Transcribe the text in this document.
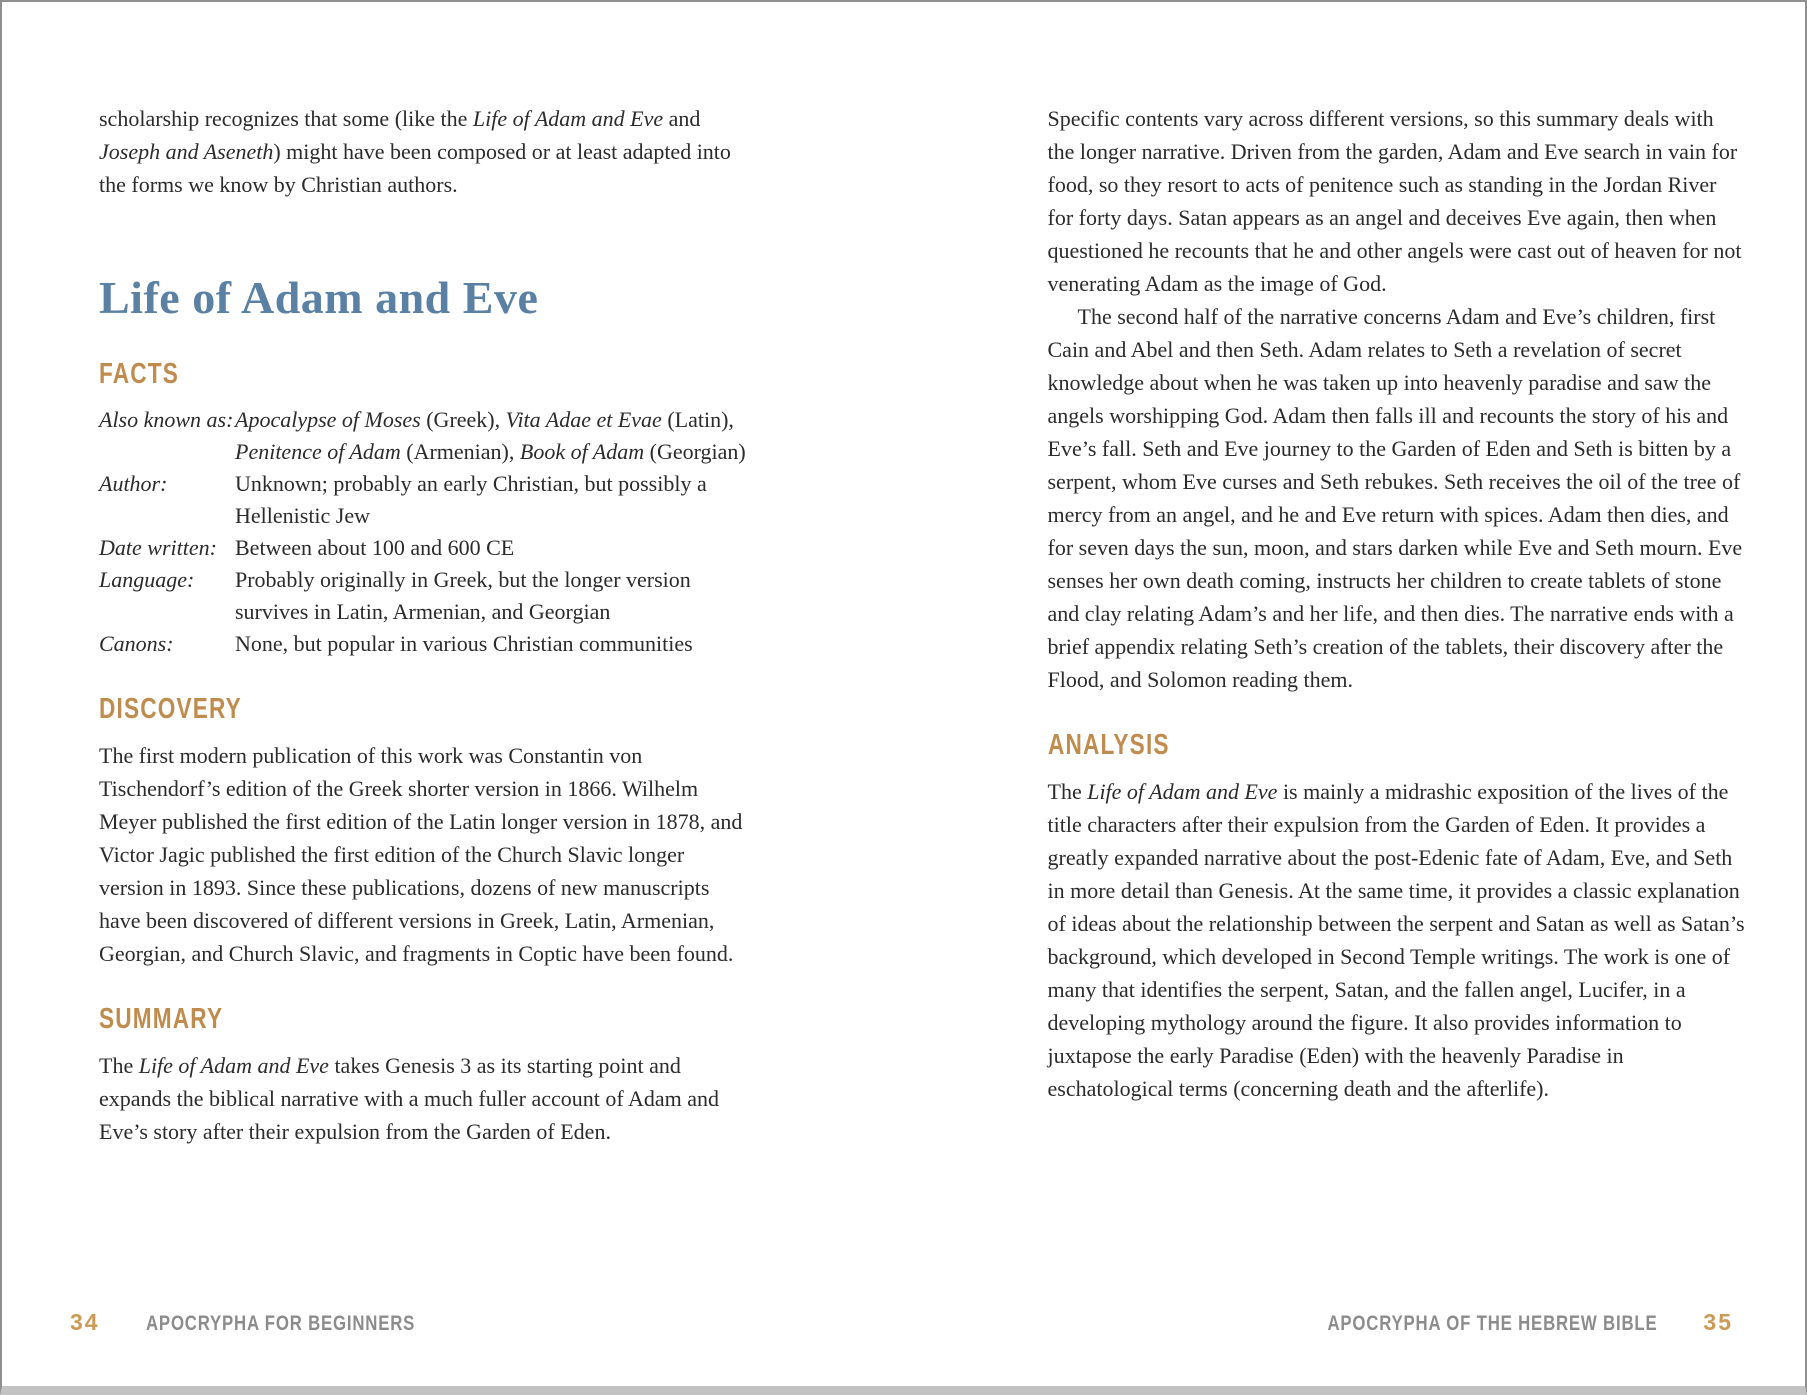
scholarship recognizes that some (like the Life of Adam and Eve and Joseph and Aseneth) might have been composed or at least adapted into the forms we know by Christian authors.

Life of Adam and Eve
FACTS
Also known as: Apocalypse of Moses (Greek), Vita Adae et Evae (Latin), Penitence of Adam (Armenian), Book of Adam (Georgian)
Author:	Unknown; probably an early Christian, but possibly a Hellenistic Jew
Date written: Between about 100 and 600 CE
Language:	Probably originally in Greek, but the longer version survives in Latin, Armenian, and Georgian
Canons:	None, but popular in various Christian communities
DISCOVERY

The first modern publication of this work was Constantin von Tischendorf’s edition of the Greek shorter version in 1866. Wilhelm Meyer published the first edition of the Latin longer version in 1878, and Victor Jagic published the first edition of the Church Slavic longer version in 1893. Since these publications, dozens of new manuscripts have been discovered of different versions in Greek, Latin, Armenian, Georgian, and Church Slavic, and fragments in Coptic have been found.

SUMMARY

The Life of Adam and Eve takes Genesis 3 as its starting point and expands the biblical narrative with a much fuller account of Adam and Eve’s story after their expulsion from the Garden of Eden.

34 APOCRYPHA FOR BEGINNERS

Specific contents vary across different versions, so this summary deals with the longer narrative. Driven from the garden, Adam and Eve search in vain for food, so they resort to acts of penitence such as standing in the Jordan River for forty days. Satan appears as an angel and deceives Eve again, then when questioned he recounts that he and other angels were cast out of heaven for not venerating Adam as the image of God.

The second half of the narrative concerns Adam and Eve’s children, first Cain and Abel and then Seth. Adam relates to Seth a revelation of secret knowledge about when he was taken up into heavenly paradise and saw the angels worshipping God. Adam then falls ill and recounts the story of his and Eve’s fall. Seth and Eve journey to the Garden of Eden and Seth is bitten by a serpent, whom Eve curses and Seth rebukes. Seth receives the oil of the tree of mercy from an angel, and he and Eve return with spices. Adam then dies, and for seven days the sun, moon, and stars darken while Eve and Seth mourn. Eve senses her own death coming, instructs her children to create tablets of stone and clay relating Adam’s and her life, and then dies. The narrative ends with a brief appendix relating Seth’s creation of the tablets, their discovery after the Flood, and Solomon reading them.

ANALYSIS

The Life of Adam and Eve is mainly a midrashic exposition of the lives of the title characters after their expulsion from the Garden of Eden. It provides a greatly expanded narrative about the post-Edenic fate of Adam, Eve, and Seth in more detail than Genesis. At the same time, it provides a classic explanation of ideas about the relationship between the serpent and Satan as well as Satan’s background, which developed in Second Temple writings. The work is one of many that identifies the serpent, Satan, and the fallen angel, Lucifer, in a developing mythology around the figure. It also provides information to juxtapose the early Paradise (Eden) with the heavenly Paradise in eschatological terms (concerning death and the afterlife).

APOCRYPHA OF THE HEBREW BIBLE 35
